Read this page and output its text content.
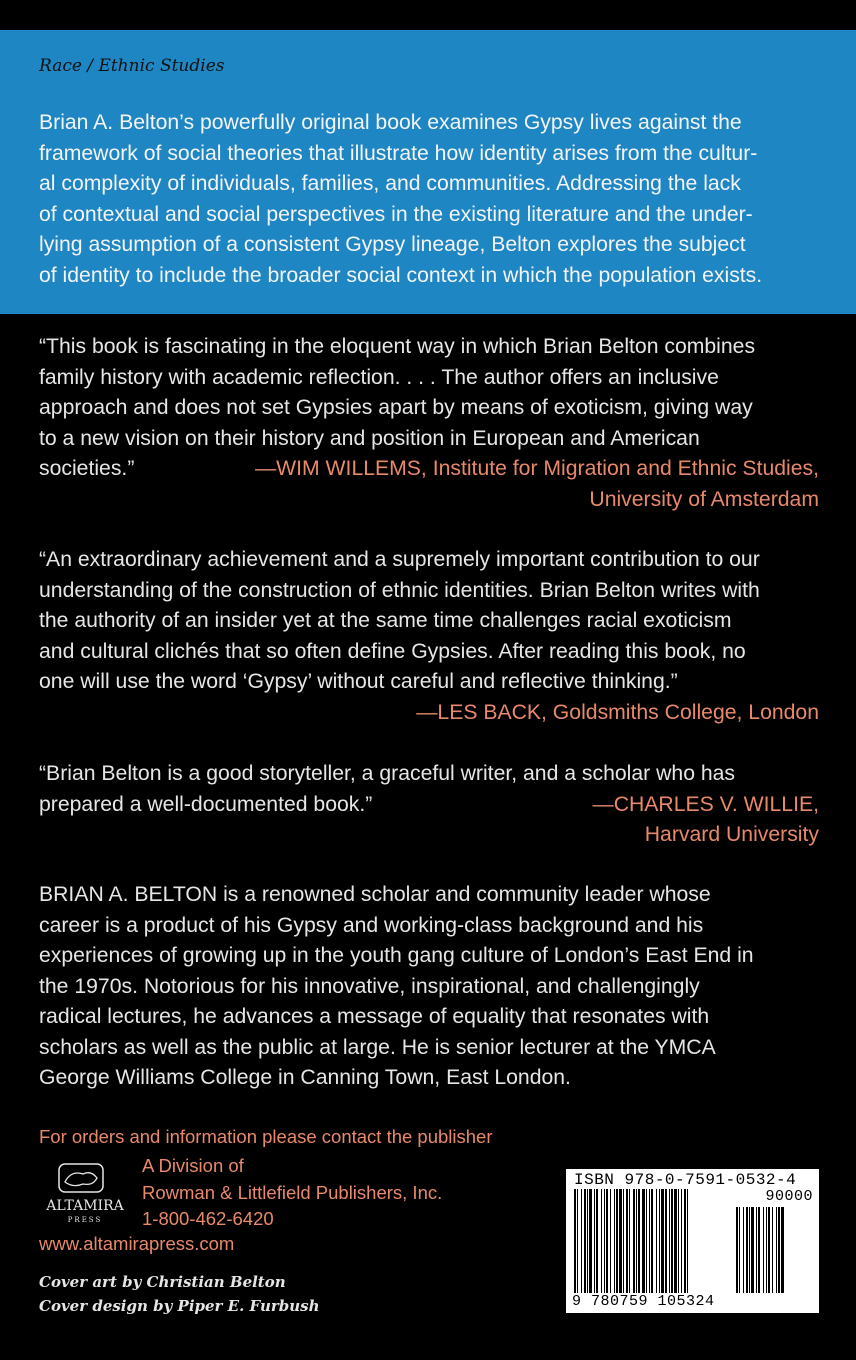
Race / Ethnic Studies
Brian A. Belton’s powerfully original book examines Gypsy lives against the
framework of social theories that illustrate how identity arises from the cultur-
al complexity of individuals, families, and communities. Addressing the lack
of contextual and social perspectives in the existing literature and the under-
lying assumption of a consistent Gypsy lineage, Belton explores the subject
of identity to include the broader social context in which the population exists.
“This book is fascinating in the eloquent way in which Brian Belton combines
family history with academic reflection. . . . The author offers an inclusive
approach and does not set Gypsies apart by means of exoticism, giving way
to a new vision on their history and position in European and American
societies.”	—WIM WILLEMS, Institute for Migration and Ethnic Studies,
University of Amsterdam
“An extraordinary achievement and a supremely important contribution to our
understanding of the construction of ethnic identities. Brian Belton writes with
the authority of an insider yet at the same time challenges racial exoticism
and cultural clichés that so often define Gypsies. After reading this book, no
one will use the word ‘Gypsy’ without careful and reflective thinking.”
—LES BACK, Goldsmiths College, London
“Brian Belton is a good storyteller, a graceful writer, and a scholar who has
prepared a well-documented book.”	—CHARLES V. WILLIE,
Harvard University
BRIAN A. BELTON is a renowned scholar and community leader whose
career is a product of his Gypsy and working-class background and his
experiences of growing up in the youth gang culture of London’s East End in
the 1970s. Notorious for his innovative, inspirational, and challengingly
radical lectures, he advances a message of equality that resonates with
scholars as well as the public at large. He is senior lecturer at the YMCA
George Williams College in Canning Town, East London.
For orders and information please contact the publisher
ALTAMIRA
PRESS
A Division of
Rowman & Littlefield Publishers, Inc.
1-800-462-6420
www.altamirapress.com
Cover art by Christian Belton
Cover design by Piper E. Furbush
ISBN 978-0-7591-0532-4
90000
9 780759 105324
